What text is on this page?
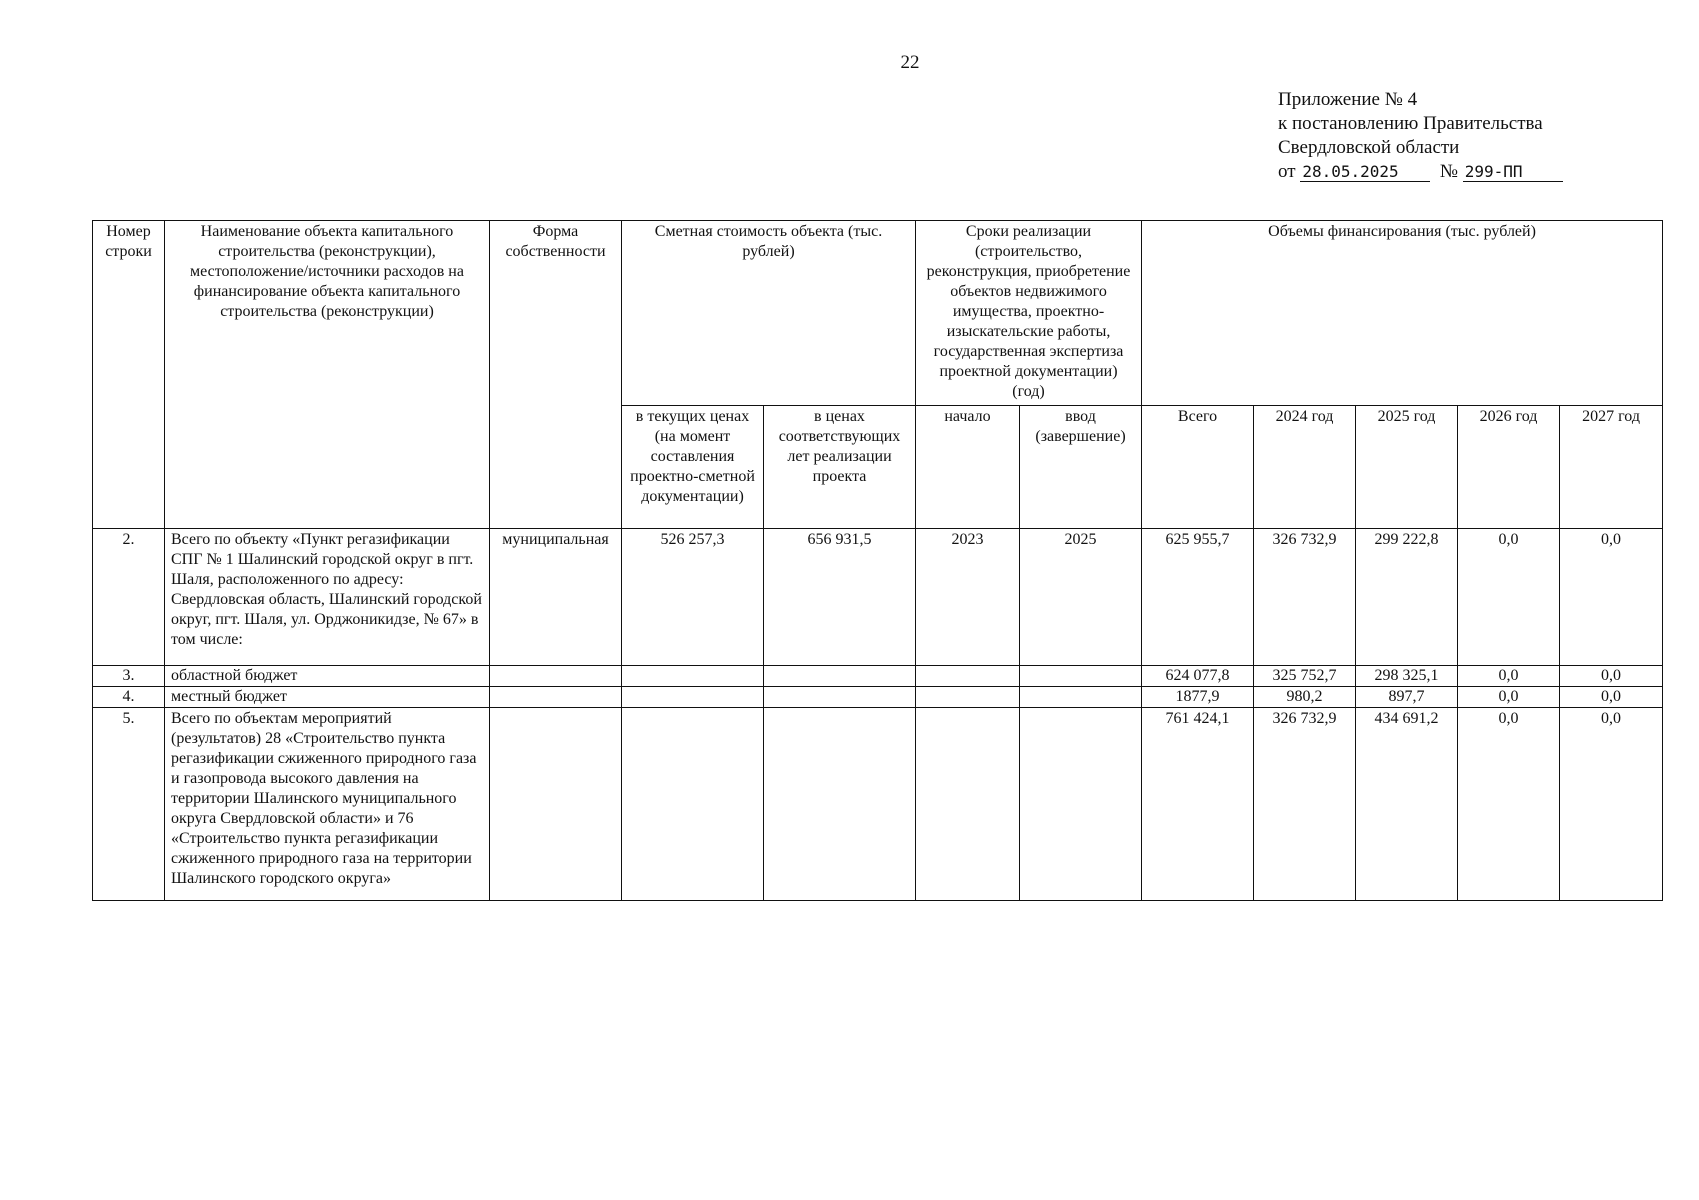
22
Приложение № 4
к постановлению Правительства
Свердловской области
от 28.05.2025 № 299-ПП
Номер строки	Наименование объекта капитального строительства (реконструкции), местоположение/источники расходов на финансирование объекта капитального строительства (реконструкции)	Форма собственности	Сметная стоимость объекта (тыс. рублей)		Сроки реализации (строительство, реконструкция, приобретение объектов недвижимого имущества, проектно-изыскательские работы, государственная экспертиза проектной документации) (год)		Объемы финансирования (тыс. рублей)				
			в текущих ценах (на момент составления проектно-сметной документации)	в ценах соответствующих лет реализации проекта	начало	ввод (завершение)	Всего	2024 год	2025 год	2026 год	2027 год
2.	Всего по объекту «Пункт регазификации СПГ № 1 Шалинский городской округ в пгт. Шаля, расположенного по адресу: Свердловская область, Шалинский городской округ, пгт. Шаля, ул. Орджоникидзе, № 67» в том числе:	муниципальная	526 257,3	656 931,5	2023	2025	625 955,7	326 732,9	299 222,8	0,0	0,0
3.	областной бюджет						624 077,8	325 752,7	298 325,1	0,0	0,0
4.	местный бюджет						1877,9	980,2	897,7	0,0	0,0
5.	Всего по объектам мероприятий (результатов) 28 «Строительство пункта регазификации сжиженного природного газа и газопровода высокого давления на территории Шалинского муниципального округа Свердловской области» и 76 «Строительство пункта регазификации сжиженного природного газа на территории Шалинского городского округа»						761 424,1	326 732,9	434 691,2	0,0	0,0
